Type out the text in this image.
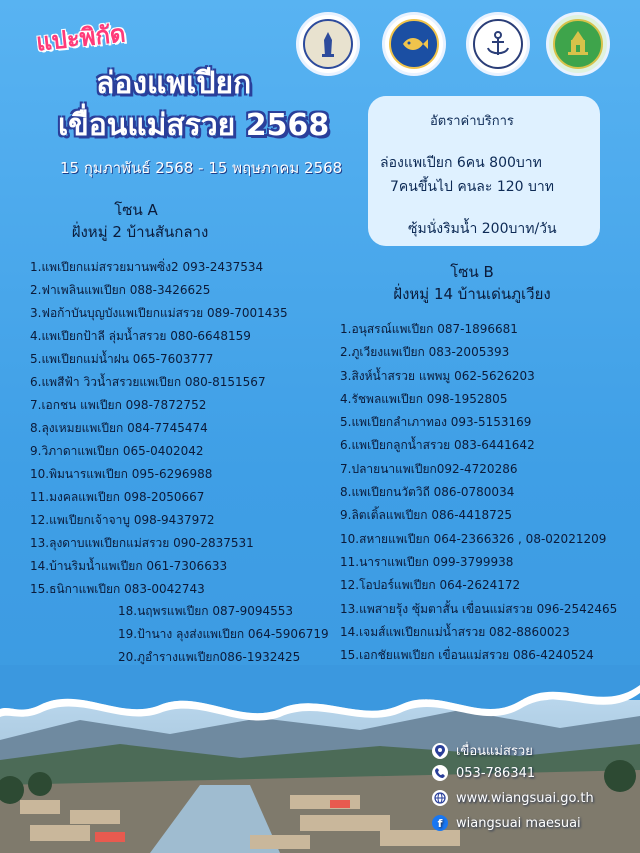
แปะพิกัด
ล่องแพเปียก
เขื่อนแม่สรวย 2568
15 กุมภาพันธ์ 2568 - 15 พฤษภาคม 2568
อัตราค่าบริการ
ล่องแพเปียก 6คน 800บาท
7คนขึ้นไป คนละ 120 บาท
ซุ้มนั่งริมน้ำ 200บาท/วัน
โซน A
ฝั่งหมู่ 2 บ้านสันกลาง
1.แพเปียกแม่สรวยมานพซิ่ง2 093-2437534
2.ฟาเพลินแพเปียก 088-3426625
3.ฟอก้าบันบุญบังแพเปียกแม่สรวย 089-7001435
4.แพเปียกป้าลี ลุ่มน้ำสรวย 080-6648159
5.แพเปียกแม่น้ำฝน 065-7603777
6.แพสีฟ้า วิวน้ำสรวยแพเปียก 080-8151567
7.เอกชน แพเปียก 098-7872752
8.ลุงเหมยแพเปียก 084-7745474
9.วิภาดาแพเปียก 065-0402042
10.พิมนารแพเปียก 095-6296988
11.มงคลแพเปียก 098-2050667
12.แพเปียกเจ้าจาบู 098-9437972
13.ลุงดาบแพเปียกแม่สรวย 090-2837531
14.บ้านริมน้ำแพเปียก 061-7306633
15.ธนิกาแพเปียก 083-0042743
18.นฤพรแพเปียก 087-9094553
19.ป้านาง ลุงส่งแพเปียก 064-5906719
20.ภูอำรางแพเปียก086-1932425
โซน B
ฝั่งหมู่ 14 บ้านเด่นภูเวียง
1.อนุสรณ์แพเปียก 087-1896681
2.ภูเวียงแพเปียก 083-2005393
3.สิงห์น้ำสรวย แพพมู 062-5626203
4.รัชพลแพเปียก 098-1952805
5.แพเปียกลำเภาทอง 093-5153169
6.แพเปียกลูกน้ำสรวย 083-6441642
7.ปลายนาแพเปียก092-4720286
8.แพเปียกนวัตวิถี 086-0780034
9.ลิตเติ้ลแพเปียก 086-4418725
10.สหายแพเปียก 064-2366326 , 08-02021209
11.นารา​แพเปียก 099-3799938
12.โอปอร์แพเปียก 064-2624172
13.แพสายรุ้ง ซุ้มตาสั้น เขื่อนแม่สรวย 096-2542465
14.เจมส์แพเปียกแม่น้ำสรวย 082-8860023
15.เอกชัยแพเปียก เขื่อนแม่สรวย 086-4240524
เขื่อนแม่สรวย
053-786341
www.wiangsuai.go.th
f	wiangsuai maesuai
